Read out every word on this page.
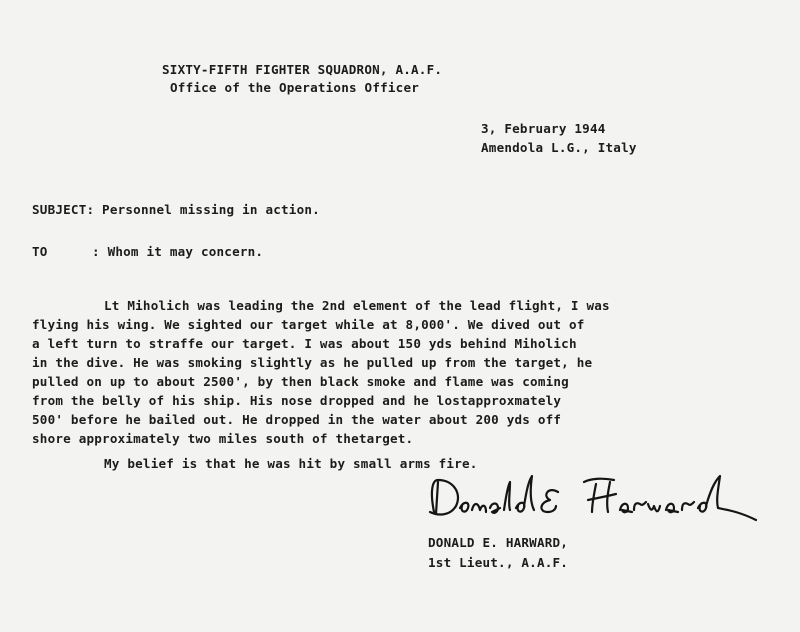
SIXTY-FIFTH FIGHTER SQUADRON, A.A.F.
Office of the Operations Officer
3, February 1944
Amendola L.G., Italy
SUBJECT: Personnel missing in action.
TO	: Whom it may concern.
Lt Miholich was leading the 2nd element of the lead flight, I was
flying his wing. We sighted our target while at 8,000'. We dived out of
a left turn to straffe our target. I was about 150 yds behind Miholich
in the dive. He was smoking slightly as he pulled up from the target, he
pulled on up to about 2500', by then black smoke and flame was coming
from the belly of his ship. His nose dropped and he lostapproxmately
500' before he bailed out. He dropped in the water about 200 yds off
shore approximately two miles south of thetarget.
My belief is that he was hit by small arms fire.
DONALD E. HARWARD,
1st Lieut., A.A.F.
